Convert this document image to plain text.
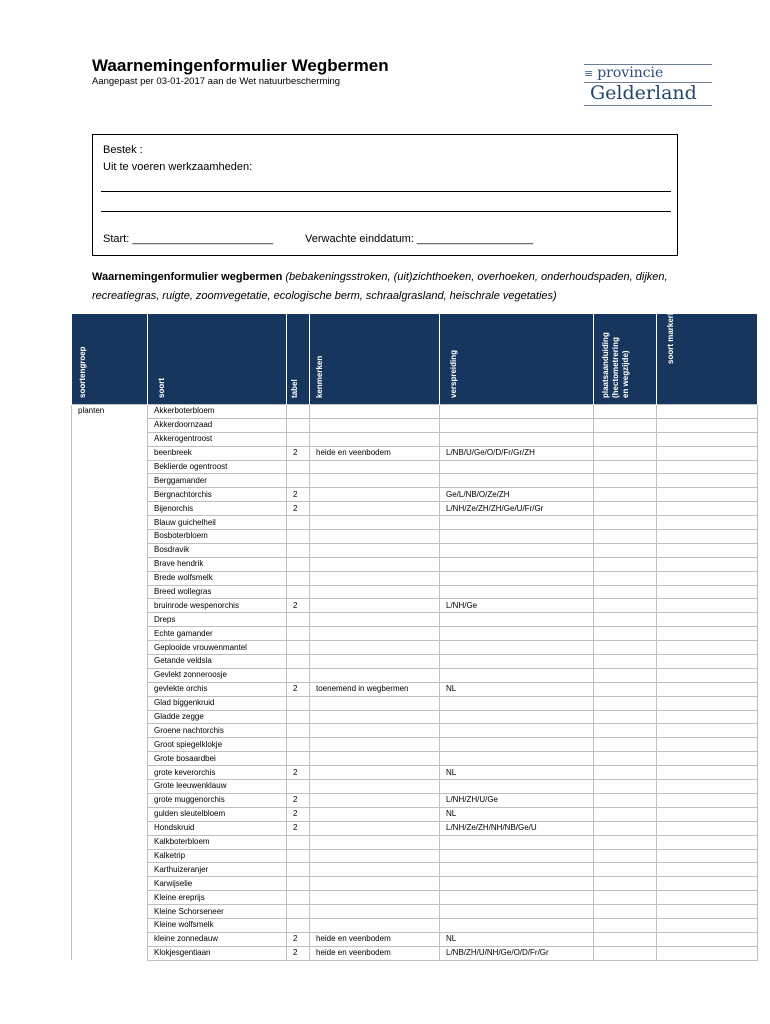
Waarnemingenformulier Wegbermen
Aangepast per 03-01-2017 aan de Wet natuurbescherming
≡ provincie
Gelderland
Bestek :
Uit te voeren werkzaamheden:
Start: _______________________	Verwachte einddatum: ___________________
Waarnemingenformulier wegbermen (bebakeningsstroken, (uit)zichthoeken, overhoeken, onderhoudspaden, dijken, recreatiegras, ruigte, zoomvegetatie, ecologische berm, schraalgrasland, heischrale vegetaties)
soortengroep	soort	tabel	kenmerken	verspreiding	plaatsaanduiding (hectometrering en wegzijde)	soort markering

planten	Akkerboterbloem					
	Akkerdoornzaad					
	Akkerogentroost					
	beenbreek	2	heide en veenbodem	L/NB/U/Ge/O/D/Fr/Gr/ZH		
	Beklierde ogentroost					
	Berggamander					
	Bergnachtorchis	2		Ge/L/NB/O/Ze/ZH		
	Bijenorchis	2		L/NH/Ze/ZH/ZH/Ge/U/Fr/Gr		
	Blauw guichelheil					
	Bosboterbloem					
	Bosdravik					
	Brave hendrik					
	Brede wolfsmelk					
	Breed wollegras					
	bruinrode wespenorchis	2		L/NH/Ge		
	Dreps					
	Echte gamander					
	Geplooide vrouwenmantel					
	Getande veldsla					
	Gevlekt zonneroosje					
	gevlekte orchis	2	toenemend in wegbermen	NL		
	Glad biggenkruid					
	Gladde zegge					
	Groene nachtorchis					
	Groot spiegelklokje					
	Grote bosaardbei					
	grote keverorchis	2		NL		
	Grote leeuwenklauw					
	grote muggenorchis	2		L/NH/ZH/U/Ge		
	gulden sleutelbloem	2		NL		
	Hondskruid	2		L/NH/Ze/ZH/NH/NB/Ge/U		
	Kalkboterbloem					
	Kalketrip					
	Karthuizeranjer					
	Karwijselie					
	Kleine ereprijs					
	Kleine Schorseneer					
	Kleine wolfsmelk					
	kleine zonnedauw	2	heide en veenbodem	NL		
	Klokjesgentiaan	2	heide en veenbodem	L/NB/ZH/U/NH/Ge/O/D/Fr/Gr		
